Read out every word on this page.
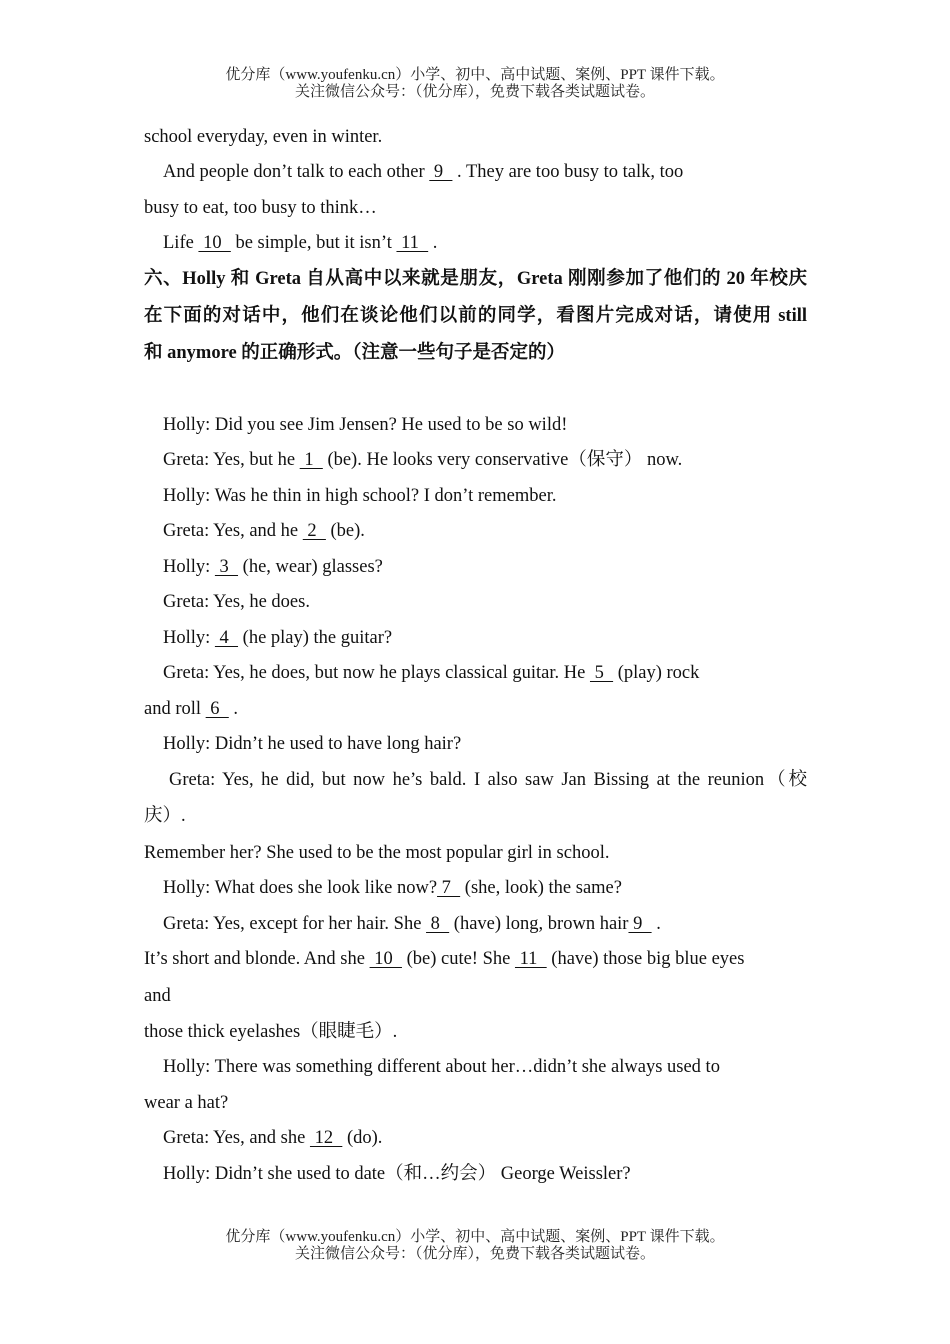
优分库（www.youfenku.cn）小学、初中、高中试题、案例、PPT 课件下载。
关注微信公众号：（优分库），免费下载各类试题试卷。
school everyday, even in winter.
And people don’t talk to each other  9   . They are too busy to talk, too
busy to eat, too busy to think…
Life  10   be simple, but it isn’t  11   .
六、Holly 和 Greta 自从高中以来就是朋友，Greta 刚刚参加了他们的 20 年校庆
在下面的对话中，他们在谈论他们以前的同学，看图片完成对话，请使用 still
和 anymore 的正确形式。（注意一些句子是否定的）
Holly: Did you see Jim Jensen? He used to be so wild!
Greta: Yes, but he  1   (be). He looks very conservative（保守） now.
Holly: Was he thin in high school? I don’t remember.
Greta: Yes, and he  2   (be).
Holly:  3   (he, wear) glasses?
Greta: Yes, he does.
Holly:  4   (he play) the guitar?
Greta: Yes, he does, but now he plays classical guitar. He  5   (play) rock
and roll  6   .
Holly: Didn’t he used to have long hair?
Greta: Yes, he did, but now he’s bald. I also saw Jan Bissing at the reunion（校
庆）.
Remember her? She used to be the most popular girl in school.
Holly: What does she look like now? 7   (she, look) the same?
Greta: Yes, except for her hair. She  8   (have) long, brown hair 9   .
It’s short and blonde. And she  10   (be) cute! She  11   (have) those big blue eyes
and
those thick eyelashes（眼睫毛）.
Holly: There was something different about her…didn’t she always used to
wear a hat?
Greta: Yes, and she  12   (do).
Holly: Didn’t she used to date（和…约会） George Weissler?
优分库（www.youfenku.cn）小学、初中、高中试题、案例、PPT 课件下载。
关注微信公众号：（优分库），免费下载各类试题试卷。
